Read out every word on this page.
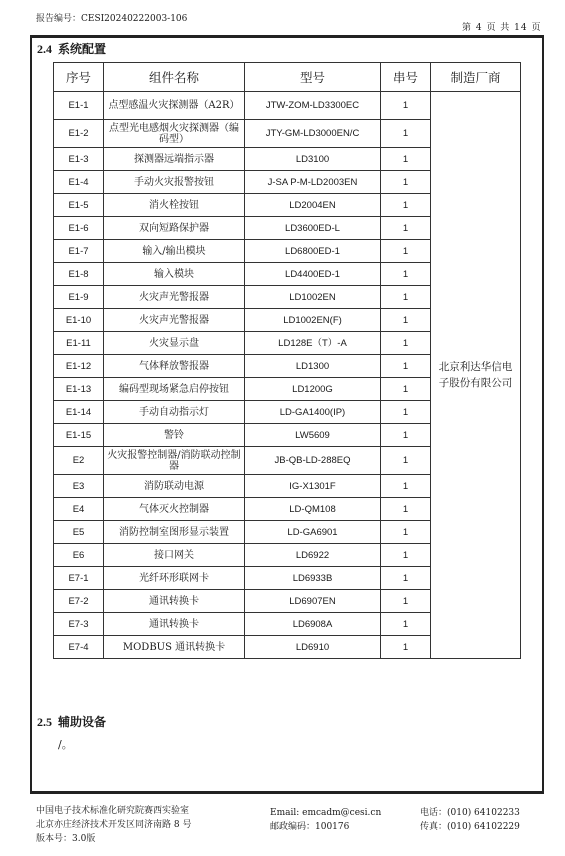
报告编号：CESI20240222003-106
第 4 页 共 14 页
2.4 系统配置
序号	组件名称	型号	串号	制造厂商
E1-1	点型感温火灾探测器（A2R）	JTW-ZOM-LD3300EC	1	北京利达华信电子股份有限公司
E1-2	点型光电感烟火灾探测器（编码型）	JTY-GM-LD3000EN/C	1	
E1-3	探测器远端指示器	LD3100	1	
E1-4	手动火灾报警按钮	J-SA P-M-LD2003EN	1	
E1-5	消火栓按钮	LD2004EN	1	
E1-6	双向短路保护器	LD3600ED-L	1	
E1-7	输入/输出模块	LD6800ED-1	1	
E1-8	输入模块	LD4400ED-1	1	
E1-9	火灾声光警报器	LD1002EN	1	
E1-10	火灾声光警报器	LD1002EN(F)	1	
E1-11	火灾显示盘	LD128E（T）-A	1	
E1-12	气体释放警报器	LD1300	1	
E1-13	编码型现场紧急启停按钮	LD1200G	1	
E1-14	手动自动指示灯	LD-GA1400(IP)	1	
E1-15	警铃	LW5609	1	
E2	火灾报警控制器/消防联动控制器	JB-QB-LD-288EQ	1	
E3	消防联动电源	IG-X1301F	1	
E4	气体灭火控制器	LD-QM108	1	
E5	消防控制室图形显示装置	LD-GA6901	1	
E6	接口网关	LD6922	1	
E7-1	光纤环形联网卡	LD6933B	1	
E7-2	通讯转换卡	LD6907EN	1	
E7-3	通讯转换卡	LD6908A	1	
E7-4	MODBUS 通讯转换卡	LD6910	1	
2.5 辅助设备
/。
中国电子技术标准化研究院赛西实验室
北京亦庄经济技术开发区同济南路 8 号
版本号：3.0版
Email: emcadm@cesi.cn
邮政编码：100176
电话：(010) 64102233
传真：(010) 64102229
